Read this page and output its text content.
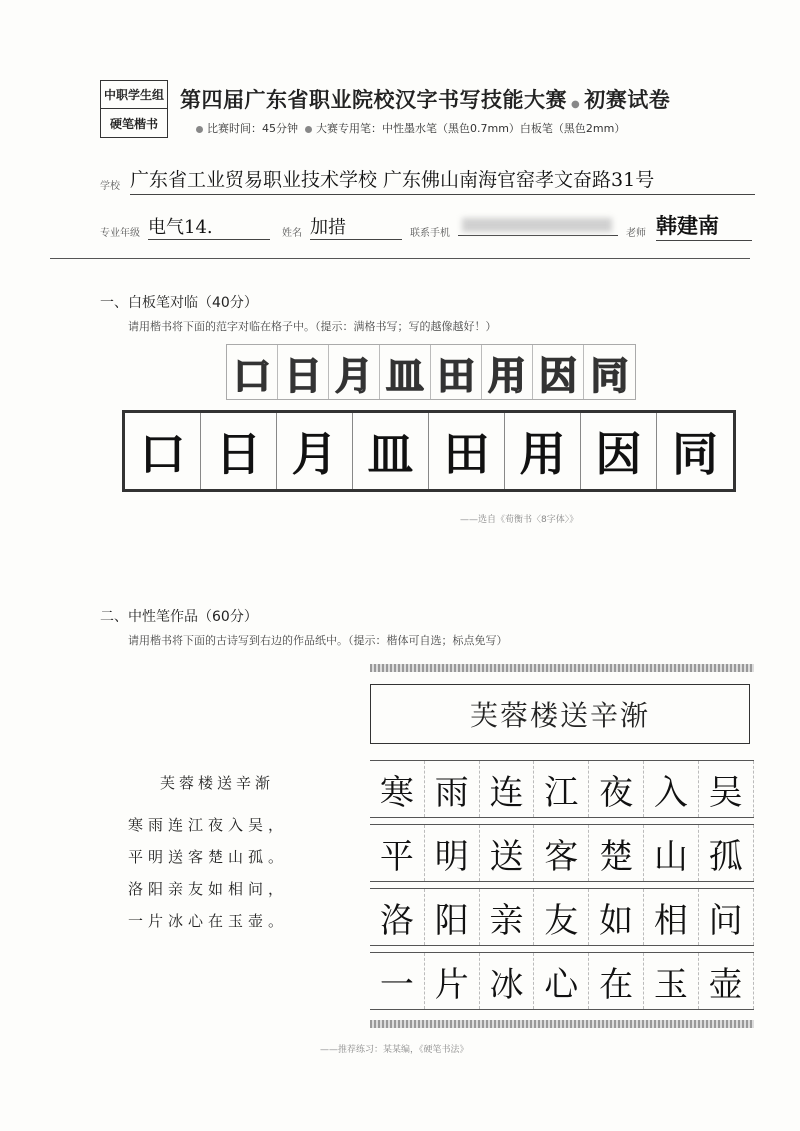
中职学生组
硬笔楷书
第四届广东省职业院校汉字书写技能大赛 ● 初赛试卷
比赛时间：45分钟 大赛专用笔：中性墨水笔（黑色0.7mm）白板笔（黑色2mm）
学校 广东省工业贸易职业技术学校 广东佛山南海官窑孝文奋路31号
专业年级 电气14.	姓名 加措	联系手机	老师 韩建南
一、白板笔对临（40分）
请用楷书将下面的范字对临在格子中。（提示：满格书写；写的越像越好！）
口 日 月 皿 田 用 因 同
口 日 月 皿 田 用 因 同
——选自《荀衡书〈8字体〉》
二、中性笔作品（60分）
请用楷书将下面的古诗写到右边的作品纸中。（提示：楷体可自选；标点免写）
芙蓉楼送辛渐
寒雨连江夜入吴，
平明送客楚山孤。
洛阳亲友如相问，
一片冰心在玉壶。
芙蓉楼送辛渐
寒 雨 连 江 夜 入 吴
平 明 送 客 楚 山 孤
洛 阳 亲 友 如 相 问
一 片 冰 心 在 玉 壶
——推荐练习：某某编，《硬笔书法》
